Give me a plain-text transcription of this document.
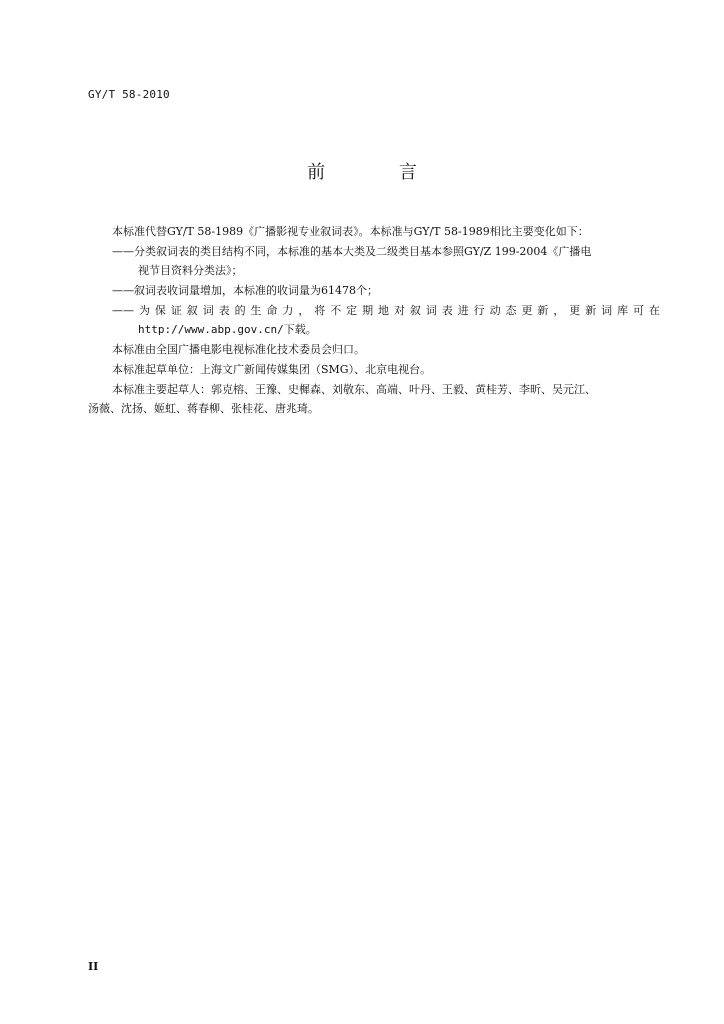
GY/T 58-2010
前 言
本标准代替GY/T 58-1989《广播影视专业叙词表》。本标准与GY/T 58-1989相比主要变化如下：
——分类叙词表的类目结构不同，本标准的基本大类及二级类目基本参照GY/Z 199-2004《广播电
视节目资料分类法》；
——叙词表收词量增加，本标准的收词量为61478个；
—— 为 保 证 叙 词 表 的 生 命 力 ， 将 不 定 期 地 对 叙 词 表 进 行 动 态 更 新 ， 更 新 词 库 可 在
http://www.abp.gov.cn/下载。
本标准由全国广播电影电视标准化技术委员会归口。
本标准起草单位：上海文广新闻传媒集团（SMG）、北京电视台。
本标准主要起草人：郭克榕、王豫、史樨森、刘敬东、高端、叶丹、王毅、黄桂芳、李昕、吴元江、
汤薇、沈扬、姬虹、蒋春柳、张桂花、唐兆琦。
II
